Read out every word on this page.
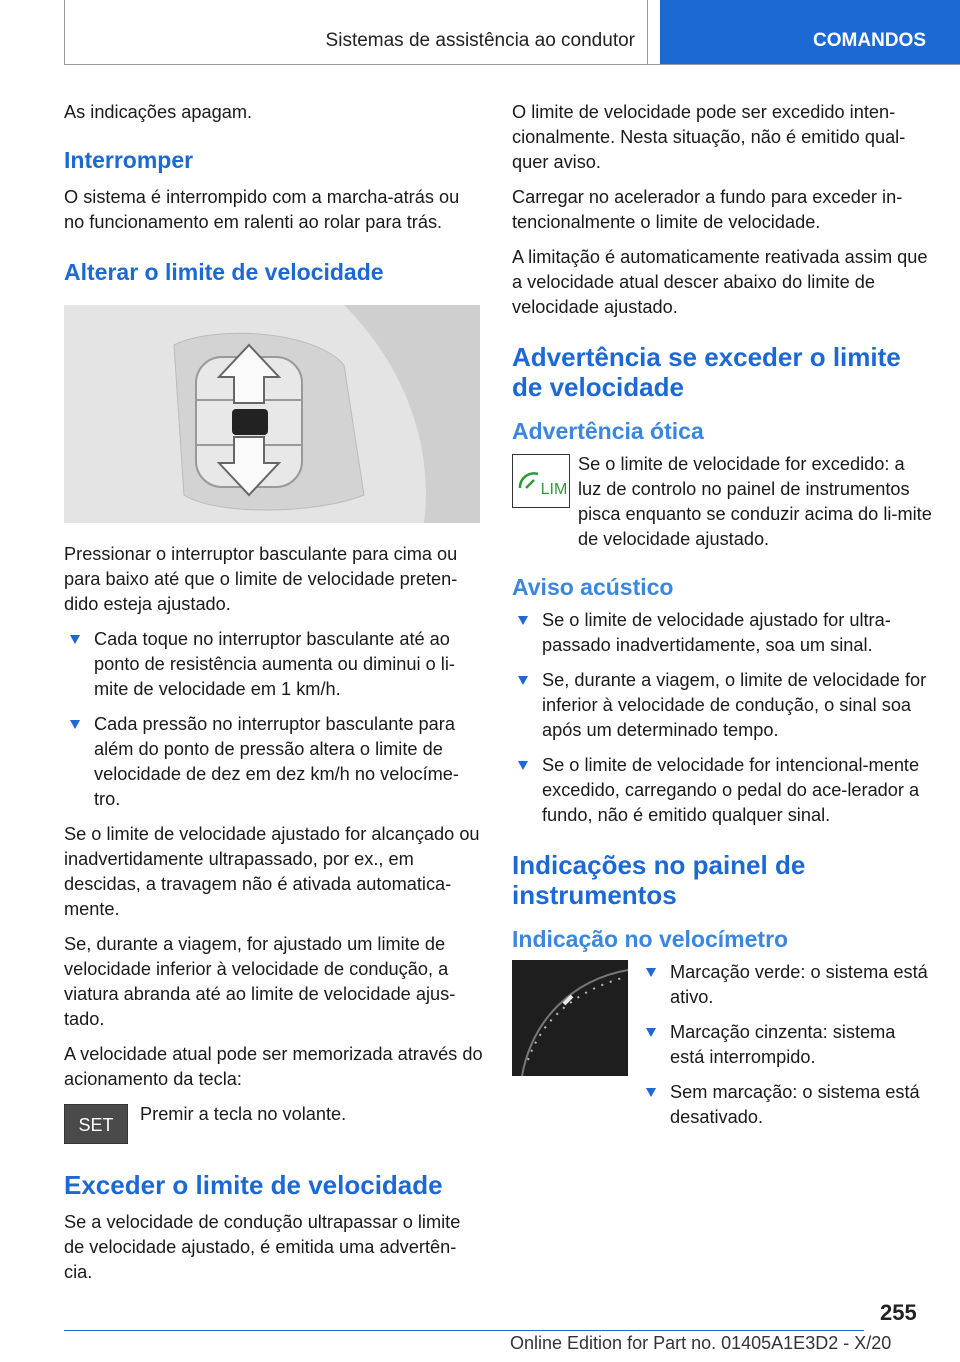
Sistemas de assistência ao condutor	COMANDOS

As indicações apagam.

Interromper

O sistema é interrompido com a marcha-atrás ou no funcionamento em ralenti ao rolar para trás.

Alterar o limite de velocidade

Pressionar o interruptor basculante para cima ou para baixo até que o limite de velocidade preten-dido esteja ajustado.

Cada toque no interruptor basculante até ao ponto de resistência aumenta ou diminui o li-mite de velocidade em 1 km/h.

Cada pressão no interruptor basculante para além do ponto de pressão altera o limite de velocidade de dez em dez km/h no velocíme-tro.

Se o limite de velocidade ajustado for alcançado ou inadvertidamente ultrapassado, por ex., em descidas, a travagem não é ativada automatica-mente.

Se, durante a viagem, for ajustado um limite de velocidade inferior à velocidade de condução, a viatura abranda até ao limite de velocidade ajus-tado.

A velocidade atual pode ser memorizada através do acionamento da tecla:

SET

Premir a tecla no volante.

Exceder o limite de velocidade

Se a velocidade de condução ultrapassar o limite de velocidade ajustado, é emitida uma advertên-cia.

O limite de velocidade pode ser excedido inten-cionalmente. Nesta situação, não é emitido qual-quer aviso.

Carregar no acelerador a fundo para exceder in-tencionalmente o limite de velocidade.

A limitação é automaticamente reativada assim que a velocidade atual descer abaixo do limite de velocidade ajustado.

Advertência se exceder o limite de velocidade
Advertência ótica
LIM

Se o limite de velocidade for excedido: a luz de controlo no painel de instrumentos pisca enquanto se conduzir acima do li-mite de velocidade ajustado.

Aviso acústico

Se o limite de velocidade ajustado for ultra-passado inadvertidamente, soa um sinal.

Se, durante a viagem, o limite de velocidade for inferior à velocidade de condução, o sinal soa após um determinado tempo.

Se o limite de velocidade for intencional-mente excedido, carregando o pedal do ace-lerador a fundo, não é emitido qualquer sinal.

Indicações no painel de instrumentos
Indicação no velocímetro

Marcação verde: o sistema está ativo.

Marcação cinzenta: sistema está interrompido.

Sem marcação: o sistema está desativado.

255
Online Edition for Part no. 01405A1E3D2 - X/20
